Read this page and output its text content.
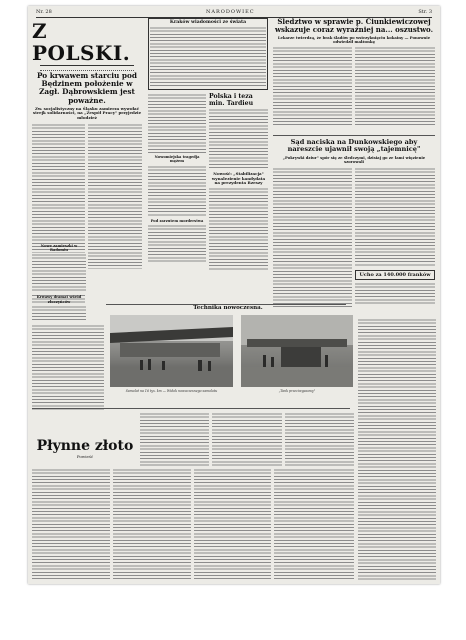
Nr. 28	NARODOWIEC	Str. 3
Z POLSKI.
Po krwawem starciu pod Będzinem położenie w Zagł. Dąbrowskiem jest poważne.
Zw. socjalistyczny na Śląsku zamierza wywołać strejk solidarności, na „Zespół Pracy" przyjedzie młodzież
Nowe zamieszki w Radomiu
Krwawy dramat wśród złoczyńców
Kraków wiadomości ze świata
Nowomiejska tragedja mężem
Pod zarzutem morderstwa
Polska i teza min. Tardieu
Nowość: „Stabilizacja" wynalezienie kandydata na prezydenta Rzeszy
Śledztwo w sprawie p. Ciunkiewiczowej wskazuje coraz wyraźniej na... oszustwo.
Lekarze twierdzą, że brak śladów po wstrzyknięciu kokainy — Ponownie odwiedził małżonkę
Sąd naciska na Dunkowskiego aby nareszcie ujawnił swoją „tajemnicę"
„Pokrywki dziur" spór się ze śledczymi, dzisiaj go ze łami więzienie szorowali
Ucho za 140.000 franków
Technika nowoczesna.
Samolot na 16 tys. km — Widok nowoczesnego samolotu	„Tank przeciwgazowy"
Płynne złoto
Powieść
